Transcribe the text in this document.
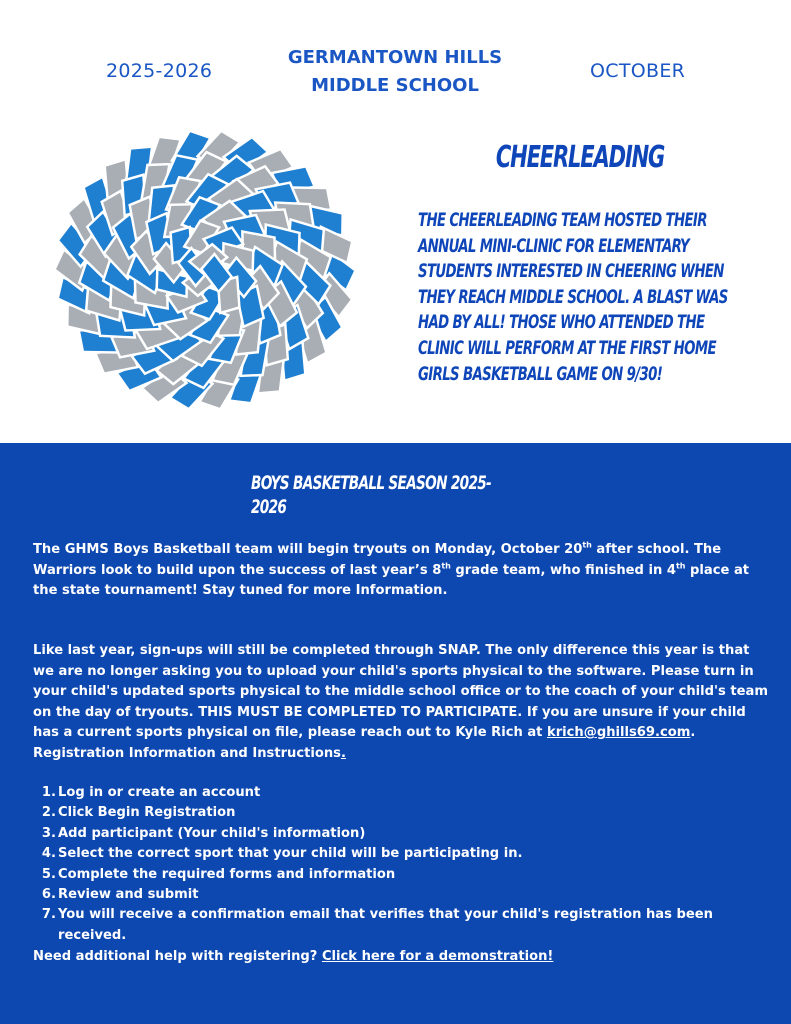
2025-2026
GERMANTOWN HILLS
MIDDLE SCHOOL
OCTOBER
CHEERLEADING
THE CHEERLEADING TEAM HOSTED THEIR
ANNUAL MINI-CLINIC FOR ELEMENTARY
STUDENTS INTERESTED IN CHEERING WHEN
THEY REACH MIDDLE SCHOOL. A BLAST WAS
HAD BY ALL! THOSE WHO ATTENDED THE
CLINIC WILL PERFORM AT THE FIRST HOME
GIRLS BASKETBALL GAME ON 9/30!
BOYS BASKETBALL SEASON 2025-
2026
The GHMS Boys Basketball team will begin tryouts on Monday, October 20th after school. The Warriors look to build upon the success of last year’s 8th grade team, who finished in 4th place at the state tournament! Stay tuned for more Information.
Like last year, sign-ups will still be completed through SNAP. The only difference this year is that we are no longer asking you to upload your child's sports physical to the software. Please turn in your child's updated sports physical to the middle school office or to the coach of your child's team on the day of tryouts. THIS MUST BE COMPLETED TO PARTICIPATE. If you are unsure if your child has a current sports physical on file, please reach out to Kyle Rich at krich@ghills69.com.
Registration Information and Instructions.
1. Log in or create an account
2. Click Begin Registration
3. Add participant (Your child's information)
4. Select the correct sport that your child will be participating in.
5. Complete the required forms and information
6. Review and submit
7. You will receive a confirmation email that verifies that your child's registration has been received.
Need additional help with registering? Click here for a demonstration!
